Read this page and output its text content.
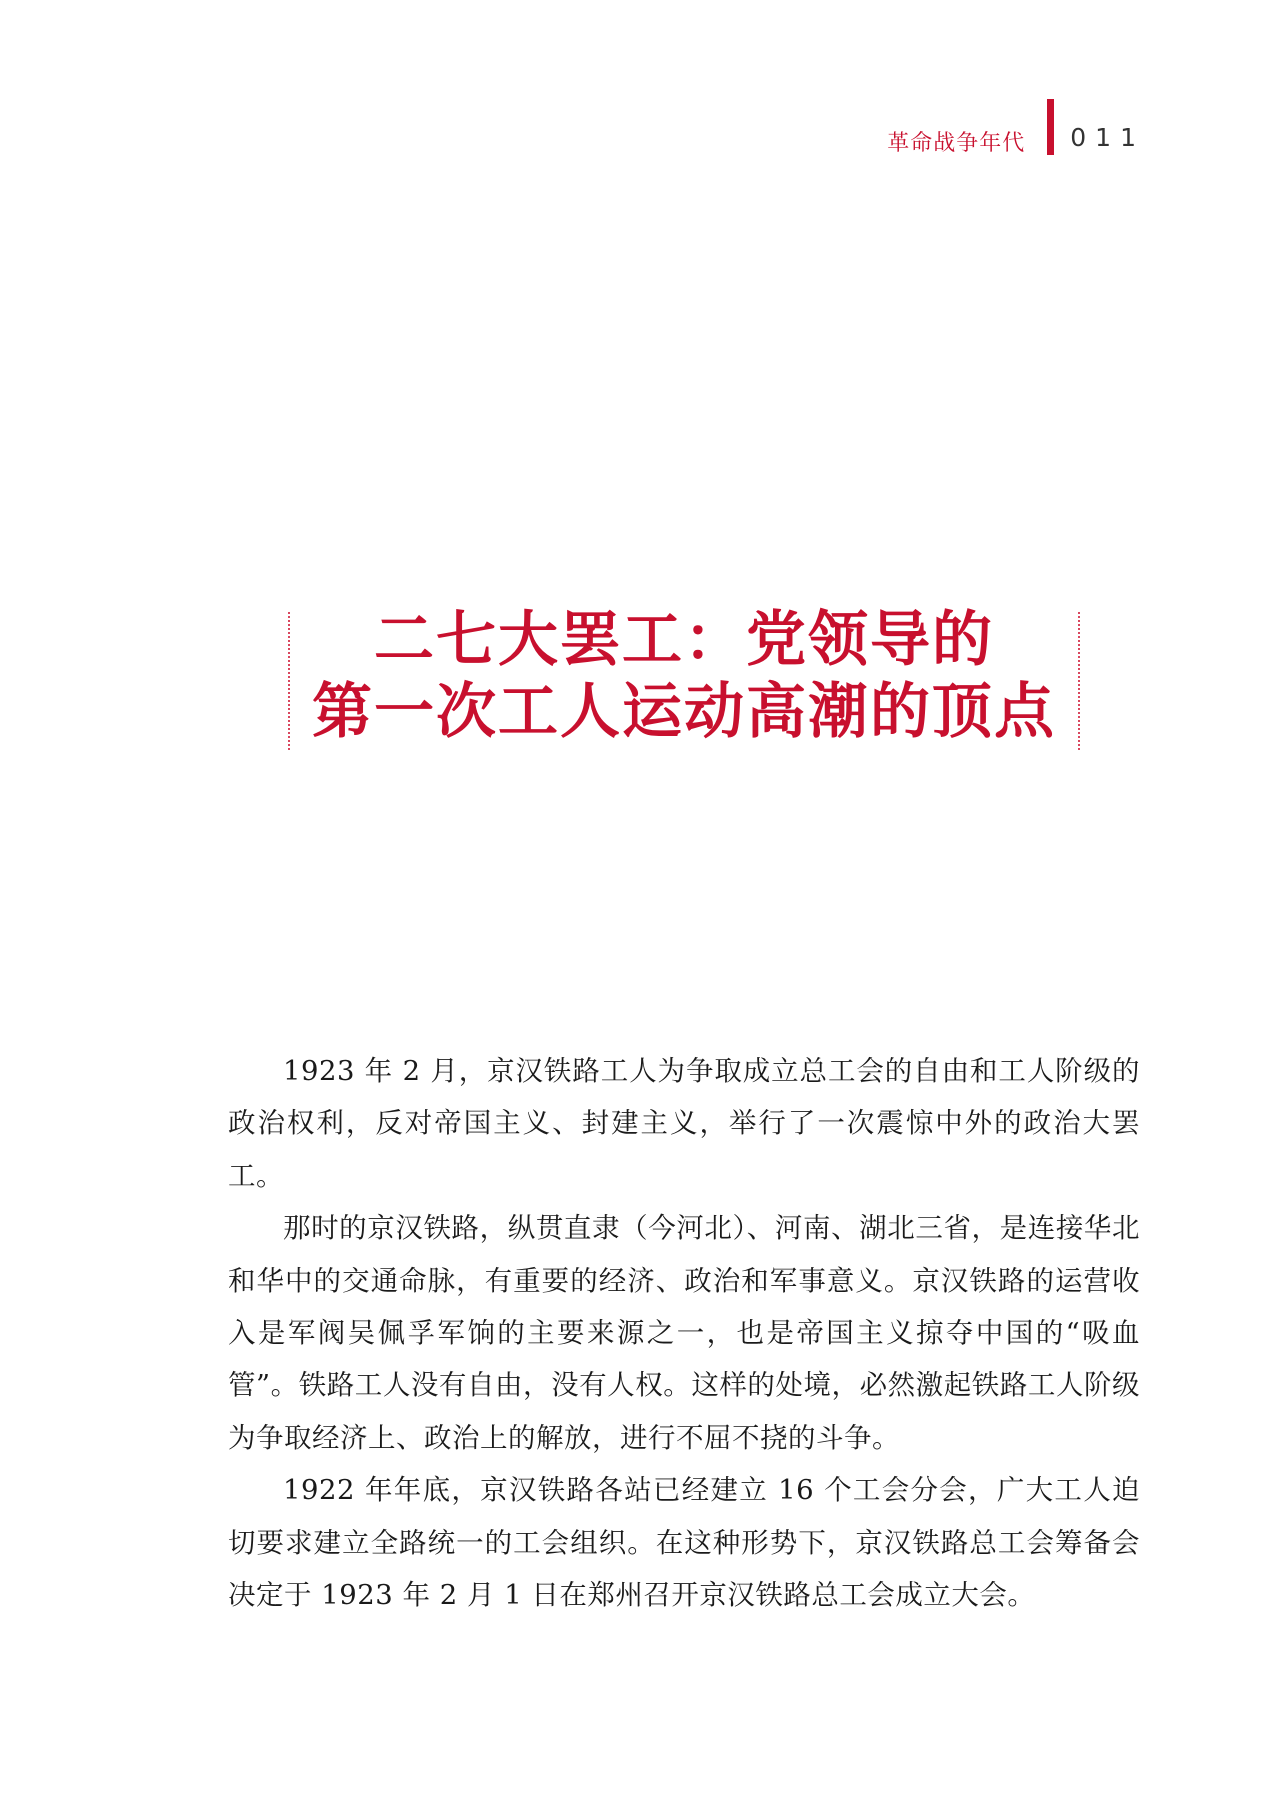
革命战争年代 011
二七大罢工：党领导的
第一次工人运动高潮的顶点

1923 年 2 月，京汉铁路工人为争取成立总工会的自由和工人阶级的政治权利，反对帝国主义、封建主义，举行了一次震惊中外的政治大罢工。

那时的京汉铁路，纵贯直隶（今河北）、河南、湖北三省，是连接华北和华中的交通命脉，有重要的经济、政治和军事意义。京汉铁路的运营收入是军阀吴佩孚军饷的主要来源之一，也是帝国主义掠夺中国的“吸血管”。铁路工人没有自由，没有人权。这样的处境，必然激起铁路工人阶级为争取经济上、政治上的解放，进行不屈不挠的斗争。

1922 年年底，京汉铁路各站已经建立 16 个工会分会，广大工人迫切要求建立全路统一的工会组织。在这种形势下，京汉铁路总工会筹备会决定于 1923 年 2 月 1 日在郑州召开京汉铁路总工会成立大会。
